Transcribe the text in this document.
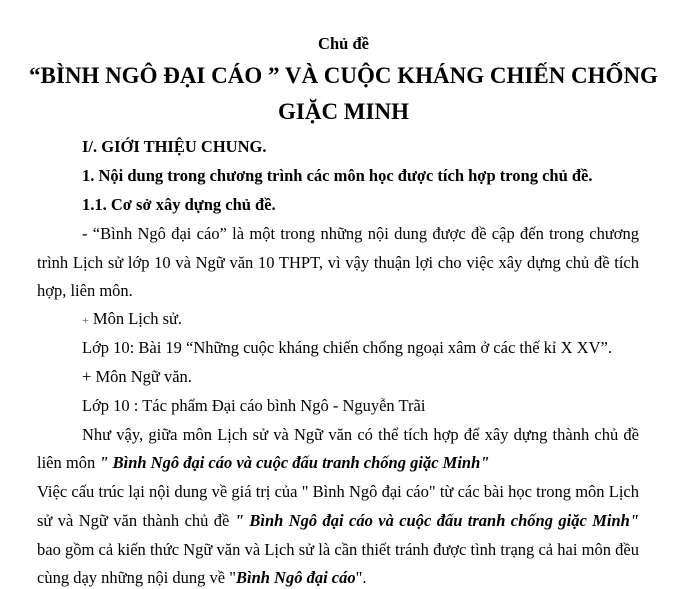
Chủ đề
“BÌNH NGÔ ĐẠI CÁO ” VÀ CUỘC KHÁNG CHIẾN CHỐNG
GIẶC MINH
I/. GIỚI THIỆU CHUNG.
1. Nội dung trong chương trình các môn học được tích hợp trong chủ đề.
1.1. Cơ sở xây dựng chủ đề.
- “Bình Ngô đại cáo” là một trong những nội dung được đề cập đến trong chương
trình Lịch sử lớp 10 và Ngữ văn 10 THPT, vì vậy thuận lợi cho việc xây dựng chủ đề tích
hợp, liên môn.
+ Môn Lịch sử.
Lớp 10: Bài 19 “Những cuộc kháng chiến chống ngoại xâm ở các thế kỉ X XV”.
+ Môn Ngữ văn.
Lớp 10 : Tác phẩm Đại cáo bình Ngô - Nguyễn Trãi
Như vậy, giữa môn Lịch sử và Ngữ văn có thể tích hợp để xây dựng thành chủ đề
liên môn " Bình Ngô đại cáo và cuộc đấu tranh chống giặc Minh"
Việc cấu trúc lại nội dung về giá trị của " Bình Ngô đại cáo" từ các bài học trong môn Lịch
sử và Ngữ văn thành chủ đề " Bình Ngô đại cáo và cuộc đấu tranh chống giặc Minh"
bao gồm cả kiến thức Ngữ văn và Lịch sử là cần thiết tránh được tình trạng cả hai môn đều
cùng dạy những nội dung về "Bình Ngô đại cáo".
